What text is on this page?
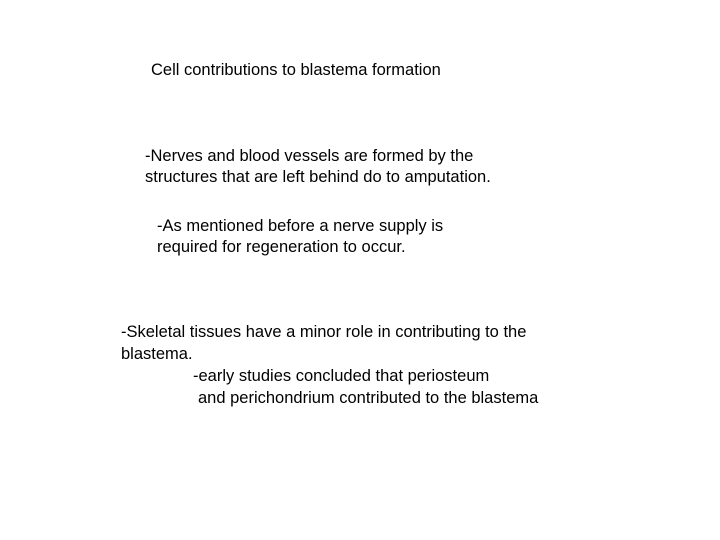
Cell contributions to blastema formation

-Nerves and blood vessels are formed by the

structures that are left behind do to amputation.

-As mentioned before a nerve supply is

required for regeneration to occur.

-Skeletal tissues have a minor role in contributing to the

blastema.

-early studies concluded that periosteum

and perichondrium contributed to the blastema
